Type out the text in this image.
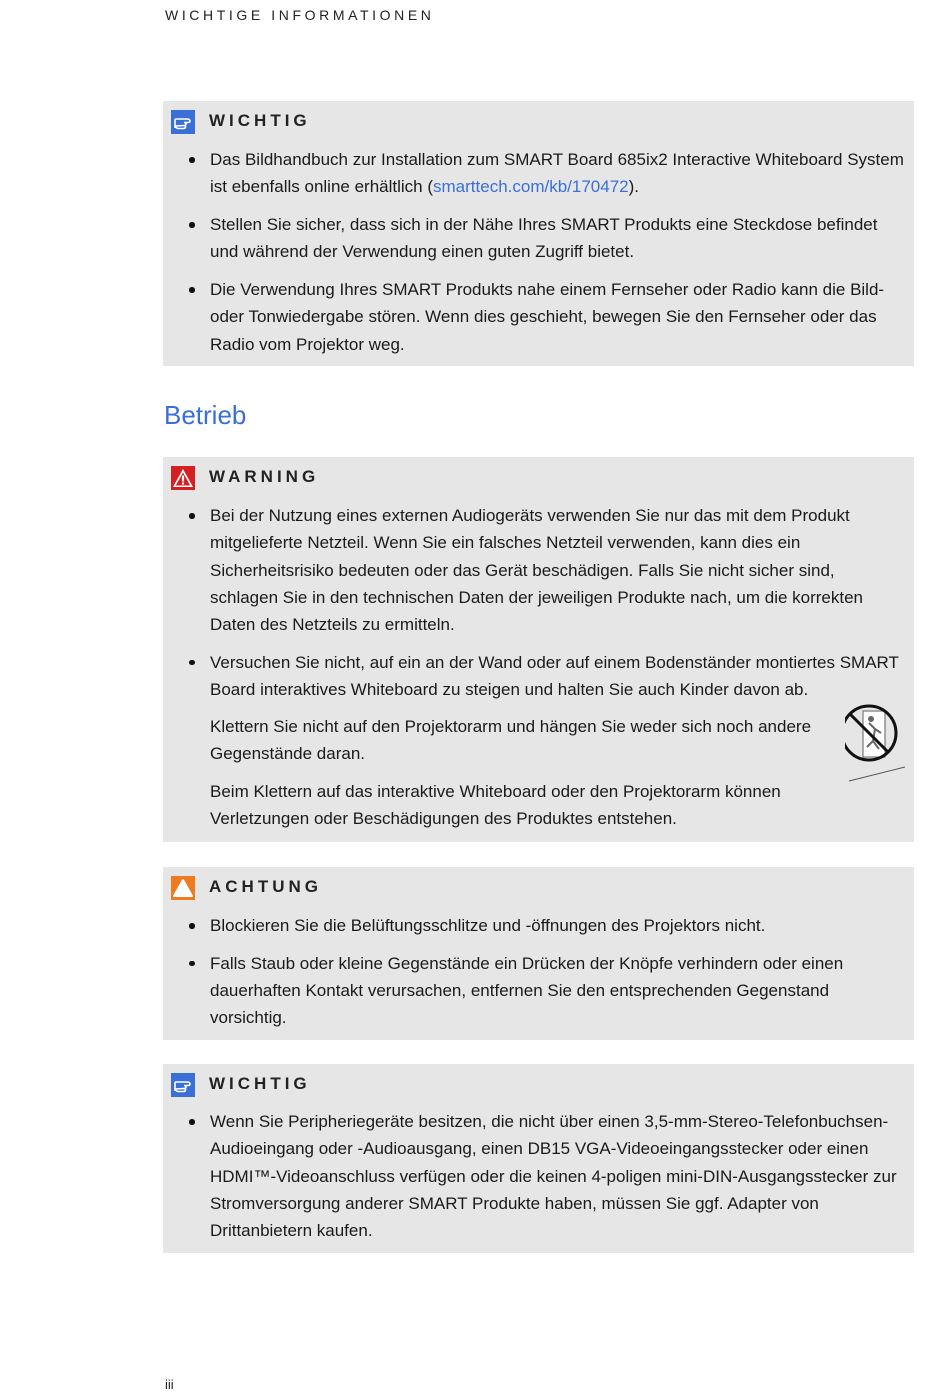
WICHTIGE INFORMATIONEN
WICHTIG
Das Bildhandbuch zur Installation zum SMART Board 685ix2 Interactive Whiteboard System ist ebenfalls online erhältlich (smarttech.com/kb/170472).
Stellen Sie sicher, dass sich in der Nähe Ihres SMART Produkts eine Steckdose befindet und während der Verwendung einen guten Zugriff bietet.
Die Verwendung Ihres SMART Produkts nahe einem Fernseher oder Radio kann die Bild- oder Tonwiedergabe stören. Wenn dies geschieht, bewegen Sie den Fernseher oder das Radio vom Projektor weg.
Betrieb
WARNING
Bei der Nutzung eines externen Audiogeräts verwenden Sie nur das mit dem Produkt mitgelieferte Netzteil. Wenn Sie ein falsches Netzteil verwenden, kann dies ein Sicherheitsrisiko bedeuten oder das Gerät beschädigen. Falls Sie nicht sicher sind, schlagen Sie in den technischen Daten der jeweiligen Produkte nach, um die korrekten Daten des Netzteils zu ermitteln.
Versuchen Sie nicht, auf ein an der Wand oder auf einem Bodenständer montiertes SMART Board interaktives Whiteboard zu steigen und halten Sie auch Kinder davon ab.
Klettern Sie nicht auf den Projektorarm und hängen Sie weder sich noch andere Gegenstände daran.
Beim Klettern auf das interaktive Whiteboard oder den Projektorarm können Verletzungen oder Beschädigungen des Produktes entstehen.
ACHTUNG
Blockieren Sie die Belüftungsschlitze und -öffnungen des Projektors nicht.
Falls Staub oder kleine Gegenstände ein Drücken der Knöpfe verhindern oder einen dauerhaften Kontakt verursachen, entfernen Sie den entsprechenden Gegenstand vorsichtig.
WICHTIG
Wenn Sie Peripheriegeräte besitzen, die nicht über einen 3,5-mm-Stereo-Telefonbuchsen-Audioeingang oder -Audioausgang, einen DB15 VGA-Videoeingangsstecker oder einen HDMI™-Videoanschluss verfügen oder die keinen 4-poligen mini-DIN-Ausgangsstecker zur Stromversorgung anderer SMART Produkte haben, müssen Sie ggf. Adapter von Drittanbietern kaufen.
iii
